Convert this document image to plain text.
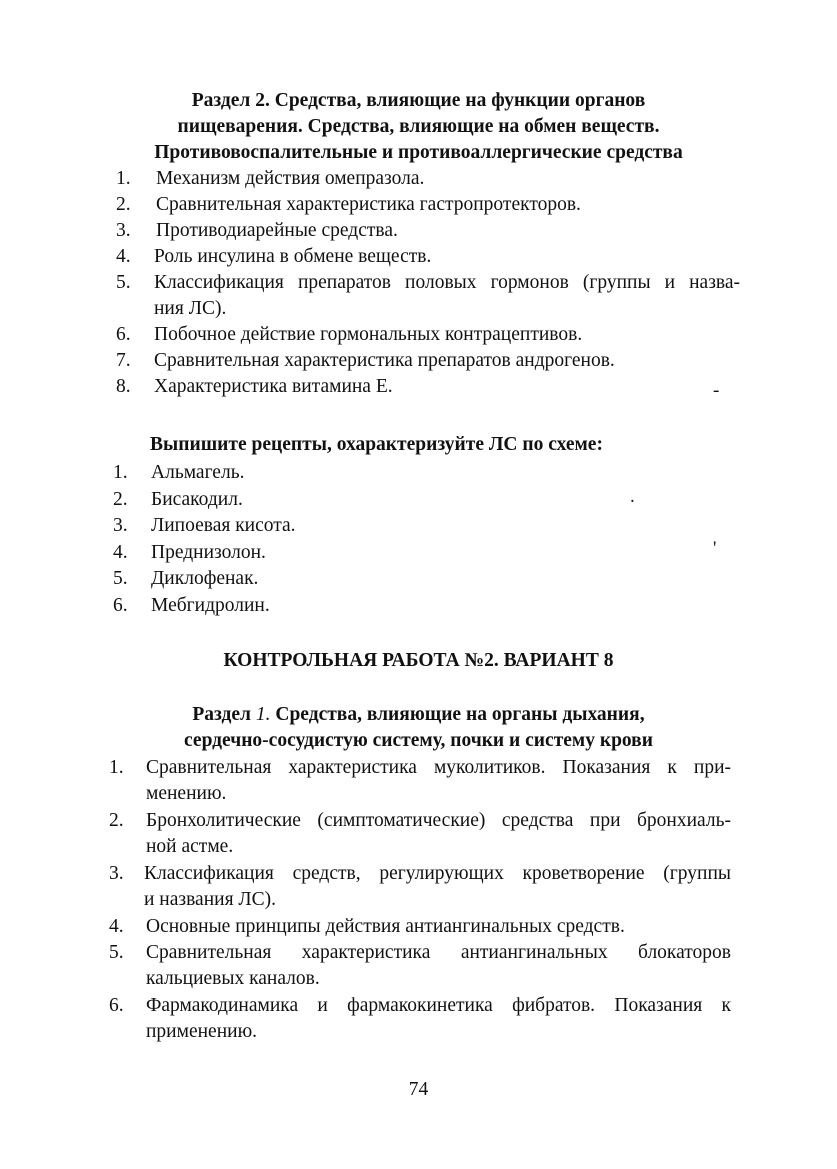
Раздел 2. Средства, влияющие на функции органов
пищеварения. Средства, влияющие на обмен веществ.
Противовоспалительные и противоаллергические средства
1. Механизм действия омепразола.
2. Сравнительная характеристика гастропротекторов.
3. Противодиарейные средства.
4. Роль инсулина в обмене веществ.
5. Классификация препаратов половых гормонов (группы и назва-
ния ЛС).
6. Побочное действие гормональных контрацептивов.
7. Сравнительная характеристика препаратов андрогенов.
8. Характеристика витамина Е.	-
Выпишите рецепты, охарактеризуйте ЛС по схеме:
1. Альмагель.
2. Бисакодил.
3. Липоевая кисота.
4. Преднизолон.
5. Диклофенак.
6. Мебгидролин.
.
'
КОНТРОЛЬНАЯ РАБОТА №2. ВАРИАНТ 8
Раздел 1. Средства, влияющие на органы дыхания,
сердечно-сосудистую систему, почки и систему крови
1. Сравнительная характеристика муколитиков. Показания к при-
менению.
2. Бронхолитические (симптоматические) средства при бронхиаль-
ной астме.
3. Классификация средств, регулирующих кроветворение (группы
и названия ЛС).
4. Основные принципы действия антиангинальных средств.
5. Сравнительная характеристика антиангинальных блокаторов
кальциевых каналов.
6. Фармакодинамика и фармакокинетика фибратов. Показания к
применению.
74
